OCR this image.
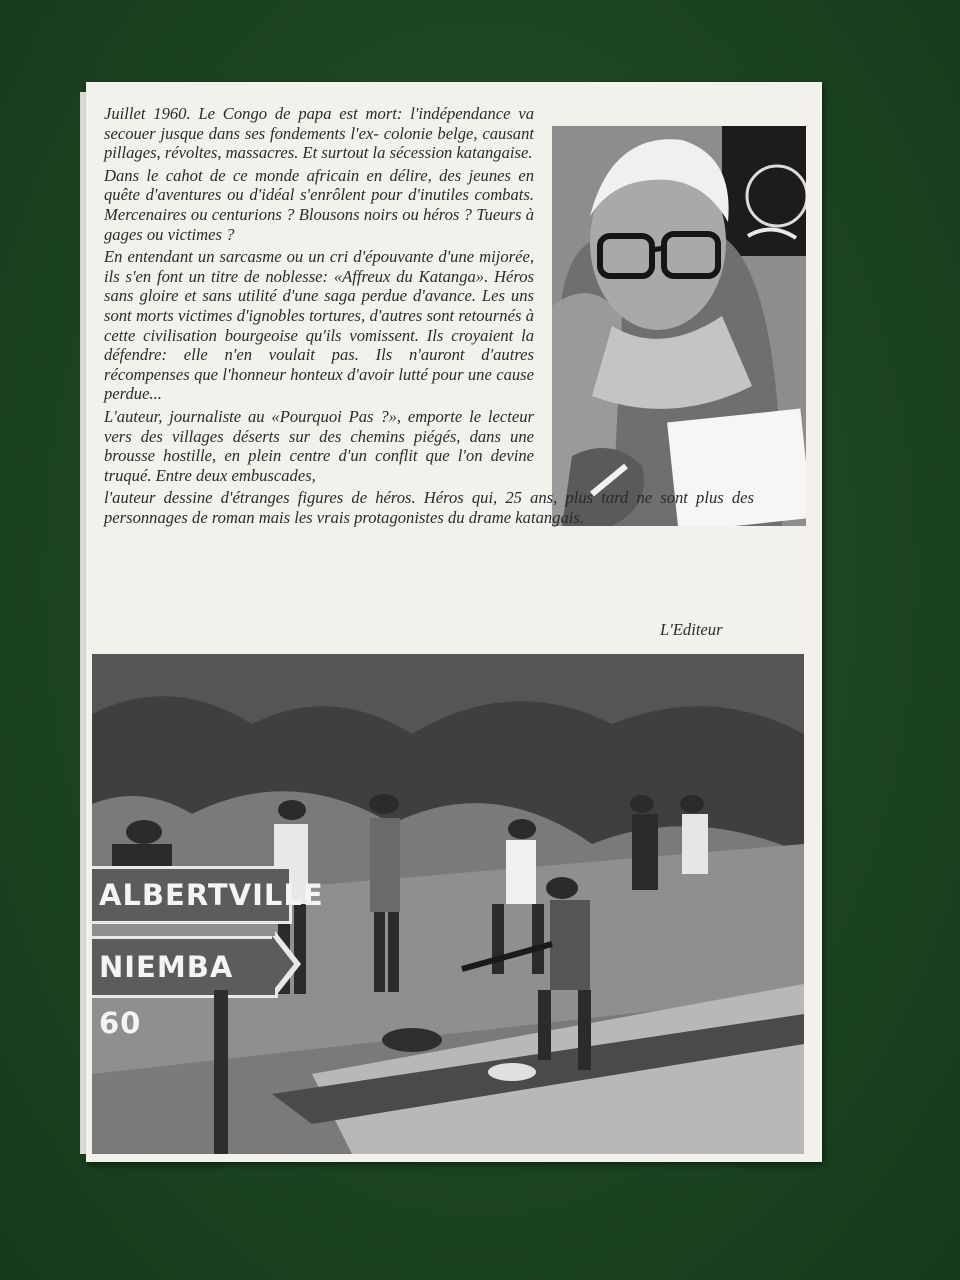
Juillet 1960. Le Congo de papa est mort: l'indépendance va secouer jusque dans ses fondements l'ex- colonie belge, causant pillages, révoltes, massacres. Et surtout la sécession katangaise.

Dans le cahot de ce monde africain en délire, des jeunes en quête d'aventures ou d'idéal s'enrôlent pour d'inutiles combats. Mercenaires ou centurions ? Blousons noirs ou héros ? Tueurs à gages ou victimes ?

En entendant un sarcasme ou un cri d'épouvante d'une mijorée, ils s'en font un titre de noblesse: «Affreux du Katanga». Héros sans gloire et sans utilité d'une saga perdue d'avance. Les uns sont morts victimes d'ignobles tortures, d'autres sont retournés à cette civilisation bourgeoise qu'ils vomissent. Ils croyaient la défendre: elle n'en voulait pas. Ils n'auront d'autres récompenses que l'honneur honteux d'avoir lutté pour une cause perdue...

L'auteur, journaliste au «Pourquoi Pas ?», emporte le lecteur vers des villages déserts sur des chemins piégés, dans une brousse hostille, en plein centre d'un conflit que l'on devine truqué. Entre deux embuscades,

l'auteur dessine d'étranges figures de héros. Héros qui, 25 ans, plus tard ne sont plus des personnages de roman mais les vrais protagonistes du drame katangais.

L'Editeur
ALBERTVILLE
NIEMBA 60
